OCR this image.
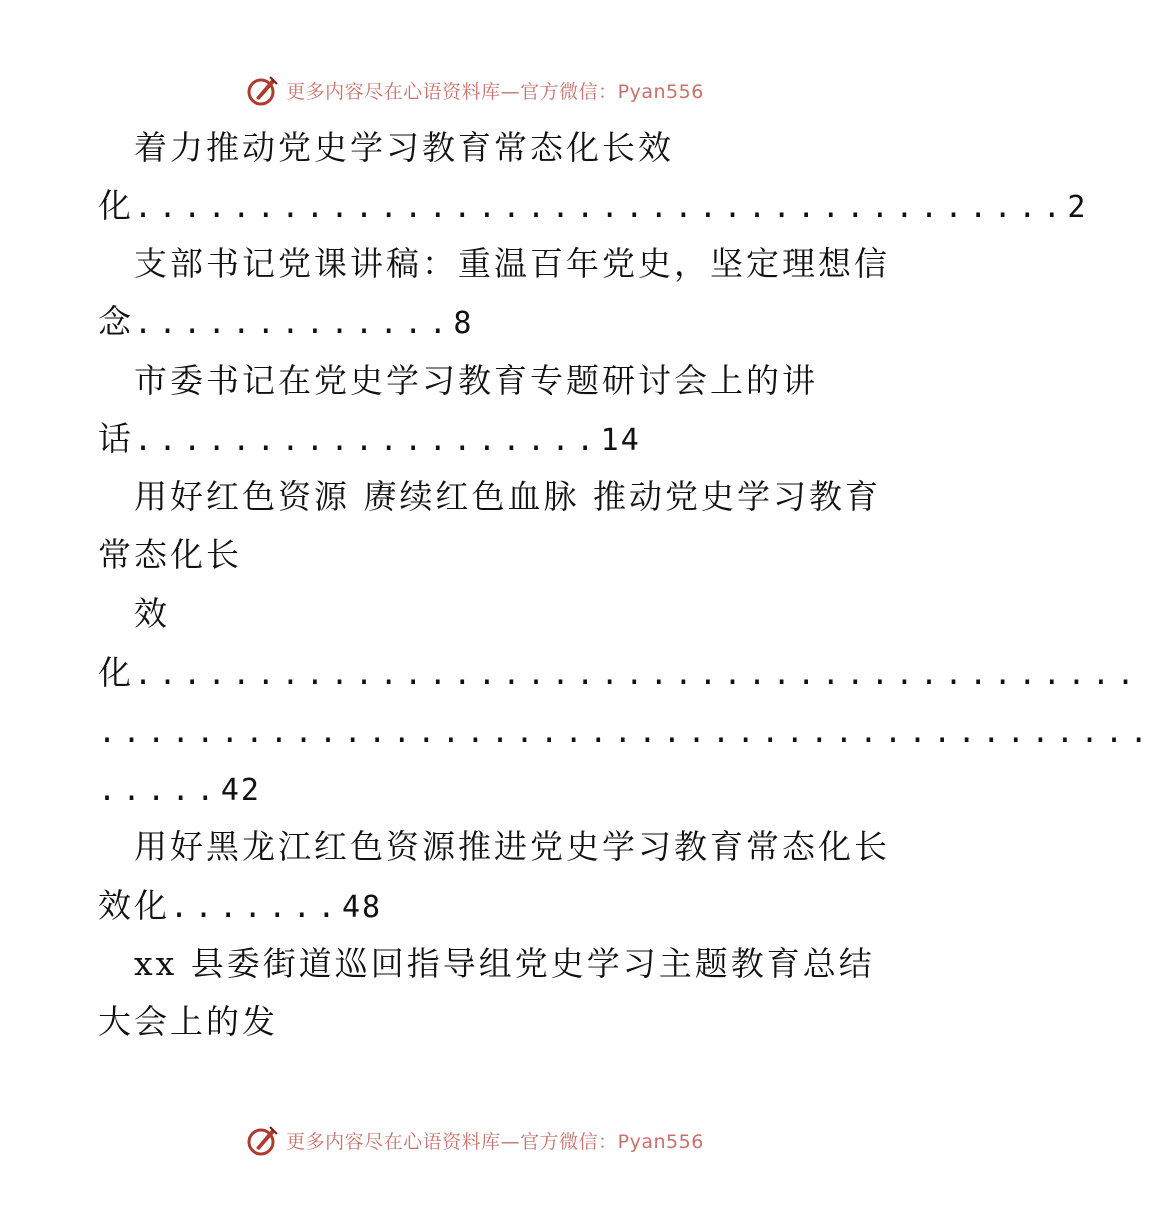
更多内容尽在心语资料库—官方微信：Pyan556
着力推动党史学习教育常态化长效
化......................................2
支部书记党课讲稿：重温百年党史，坚定理想信
念.............8
市委书记在党史学习教育专题研讨会上的讲
话...................14
用好红色资源 赓续红色血脉 推动党史学习教育
常态化长
效
化.........................................
...........................................
.....42
用好黑龙江红色资源推进党史学习教育常态化长
效化.......48
xx 县委街道巡回指导组党史学习主题教育总结
大会上的发
更多内容尽在心语资料库—官方微信：Pyan556
